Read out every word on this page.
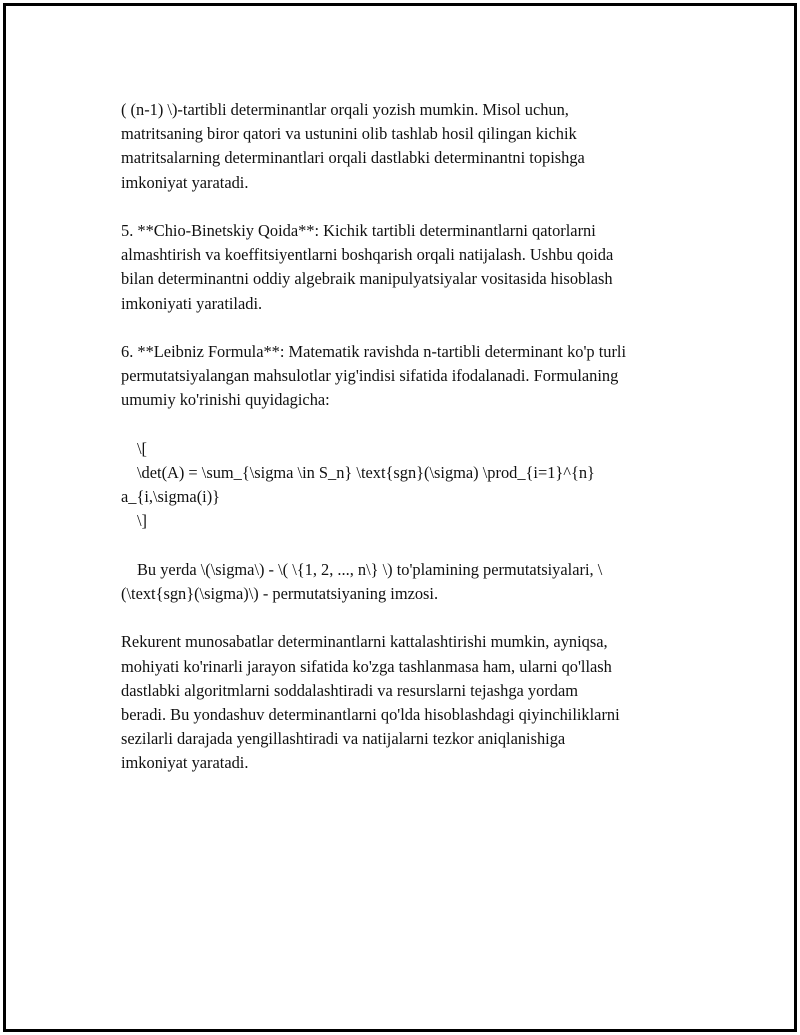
( (n-1) \)-tartibli determinantlar orqali yozish mumkin. Misol uchun,
matritsaning biror qatori va ustunini olib tashlab hosil qilingan kichik
matritsalarning determinantlari orqali dastlabki determinantni topishga
imkoniyat yaratadi.

5. **Chio-Binetskiy Qoida**: Kichik tartibli determinantlarni qatorlarni
almashtirish va koeffitsiyentlarni boshqarish orqali natijalash. Ushbu qoida
bilan determinantni oddiy algebraik manipulyatsiyalar vositasida hisoblash
imkoniyati yaratiladi.

6. **Leibniz Formula**: Matematik ravishda n-tartibli determinant ko'p turli
permutatsiyalangan mahsulotlar yig'indisi sifatida ifodalanadi. Formulaning
umumiy ko'rinishi quyidagicha:

\[
\det(A) = \sum_{\sigma \in S_n} \text{sgn}(\sigma) \prod_{i=1}^{n}
a_{i,\sigma(i)}
\]

Bu yerda \(\sigma\) - \( \{1, 2, ..., n\} \) to'plamining permutatsiyalari, \
(\text{sgn}(\sigma)\) - permutatsiyaning imzosi.

Rekurent munosabatlar determinantlarni kattalashtirishi mumkin, ayniqsa,
mohiyati ko'rinarli jarayon sifatida ko'zga tashlanmasa ham, ularni qo'llash
dastlabki algoritmlarni soddalashtiradi va resurslarni tejashga yordam
beradi. Bu yondashuv determinantlarni qo'lda hisoblashdagi qiyinchiliklarni
sezilarli darajada yengillashtiradi va natijalarni tezkor aniqlanishiga
imkoniyat yaratadi.
